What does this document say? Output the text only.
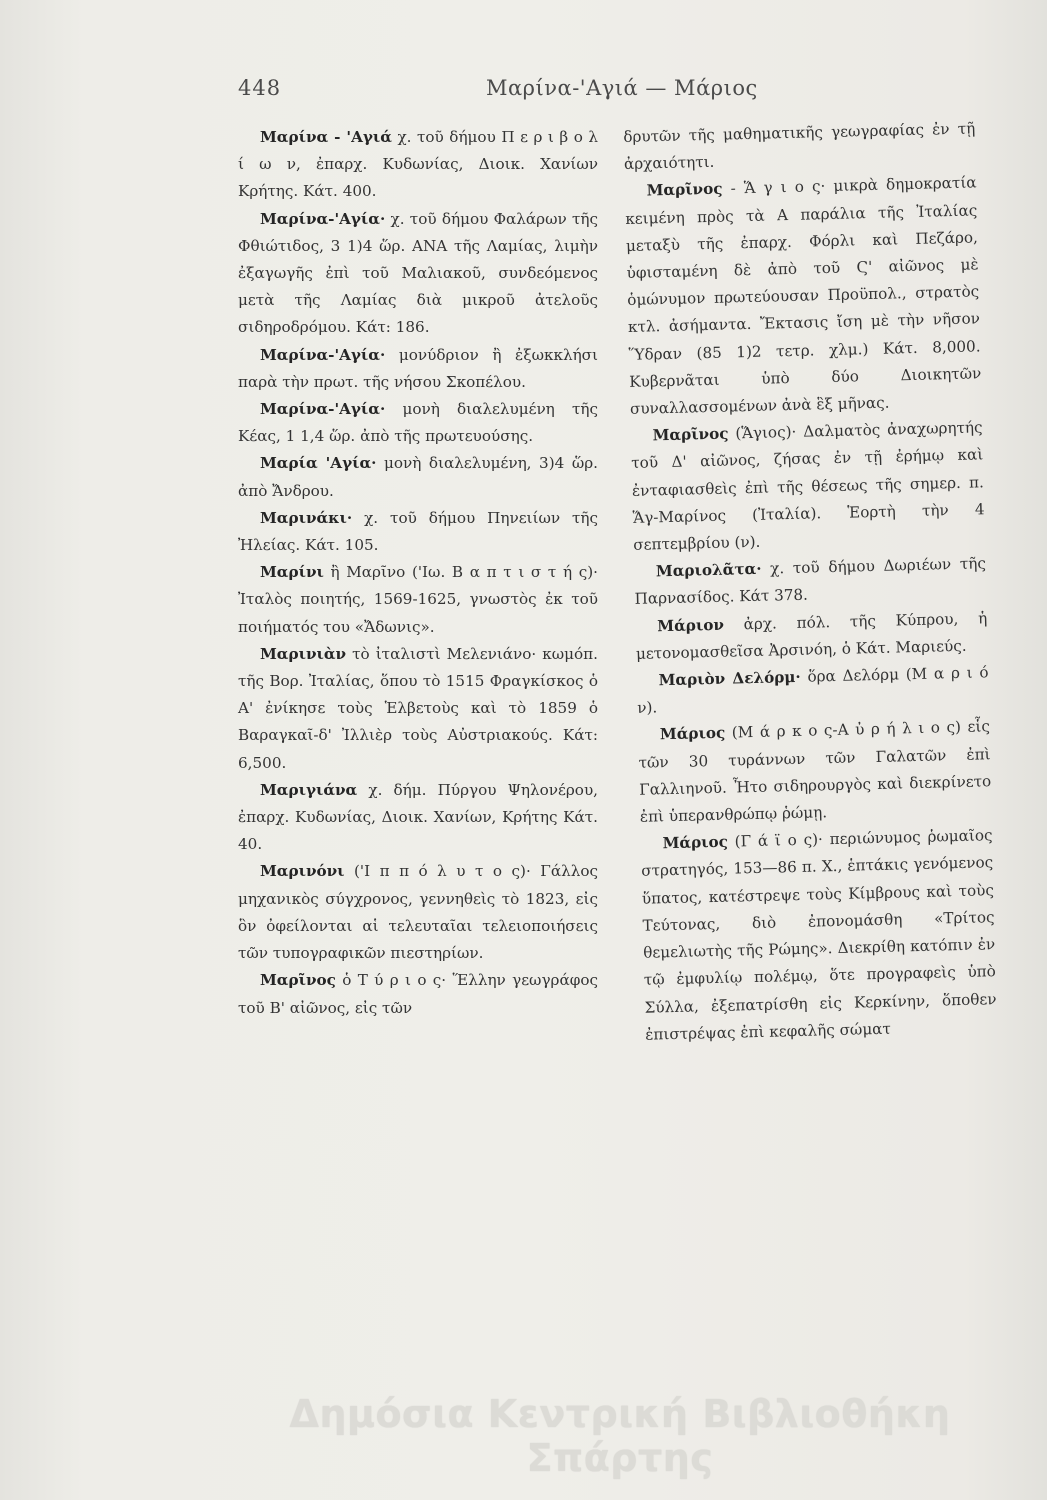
448	Μαρίνα-'Αγιά — Μάριος

Μαρίνα - 'Αγιά χ. τοῦ δήμου Π ε ρ ι β ο λ ί ω ν, ἐπαρχ. Κυδωνίας, Διοικ. Χανίων Κρήτης. Κάτ. 400.

Μαρίνα-'Αγία· χ. τοῦ δήμου Φαλάρων τῆς Φθιώτιδος, 3 1)4 ὥρ. ΑΝΑ τῆς Λαμίας, λιμὴν ἐξαγωγῆς ἐπὶ τοῦ Μαλιακοῦ, συνδεόμενος μετὰ τῆς Λαμίας διὰ μικροῦ ἀτελοῦς σιδηροδρόμου. Κάτ: 186.

Μαρίνα-'Αγία· μονύδριον ἢ ἐξωκκλήσι παρὰ τὴν πρωτ. τῆς νήσου Σκοπέλου.

Μαρίνα-'Αγία· μονὴ διαλελυμένη τῆς Κέας, 1 1,4 ὥρ. ἀπὸ τῆς πρωτευούσης.

Μαρία 'Αγία· μονὴ διαλελυμένη, 3)4 ὥρ. ἀπὸ Ἄνδρου.

Μαρινάκι· χ. τοῦ δήμου Πηνειίων τῆς Ἠλείας. Κάτ. 105.

Μαρίνι ἢ Μαρῖνο ('Ιω. Β α π τ ι σ τ ή ς)· Ἰταλὸς ποιητής, 1569-1625, γνωστὸς ἐκ τοῦ ποιήματός του «Ἄδωνις».

Μαρινιὰν τὸ ἰταλιστὶ Μελενιάνο· κωμόπ. τῆς Βορ. Ἰταλίας, ὅπου τὸ 1515 Φραγκίσκος ὁ Α' ἐνίκησε τοὺς Ἑλβετοὺς καὶ τὸ 1859 ὁ Βαραγκαῖ-δ' Ἰλλιὲρ τοὺς Αὐστριακούς. Κάτ: 6,500.

Μαριγιάνα χ. δήμ. Πύργου Ψηλονέρου, ἐπαρχ. Κυδωνίας, Διοικ. Χανίων, Κρήτης Κάτ. 40.

Μαρινόνι ('Ι π π ό λ υ τ ο ς)· Γάλλος μηχανικὸς σύγχρονος, γεννηθεὶς τὸ 1823, εἰς ὃν ὀφείλονται αἱ τελευταῖαι τελειοποιήσεις τῶν τυπογραφικῶν πιεστηρίων.

Μαρῖνος ὁ Τ ύ ρ ι ο ς· Ἕλλην γεωγράφος τοῦ Β' αἰῶνος, εἰς τῶν

δρυτῶν τῆς μαθηματικῆς γεωγραφίας ἐν τῇ ἀρχαιότητι.

Μαρῖνος - Ἅ γ ι ο ς· μικρὰ δημοκρατία κειμένη πρὸς τὰ Α παράλια τῆς Ἰταλίας μεταξὺ τῆς ἐπαρχ. Φόρλι καὶ Πεζάρο, ὑφισταμένη δὲ ἀπὸ τοῦ Ϛ' αἰῶνος μὲ ὁμώνυμον πρωτεύουσαν Προϋπολ., στρατὸς κτλ. ἀσήμαντα. Ἔκτασις ἴση μὲ τὴν νῆσον Ὕδραν (85 1)2 τετρ. χλμ.) Κάτ. 8,000. Κυβερνᾶται ὑπὸ δύο Διοικητῶν συναλλασσομένων ἀνὰ ἓξ μῆνας.

Μαρῖνος (Ἅγιος)· Δαλματὸς ἀναχωρητής τοῦ Δ' αἰῶνος, ζήσας ἐν τῇ ἐρήμῳ καὶ ἐνταφιασθεὶς ἐπὶ τῆς θέσεως τῆς σημερ. π. Ἅγ-Μαρίνος (Ἰταλία). Ἑορτὴ τὴν 4 σεπτεμβρίου (ν).

Μαριολᾶτα· χ. τοῦ δήμου Δωριέων τῆς Παρνασίδος. Κάτ 378.

Μάριον ἀρχ. πόλ. τῆς Κύπρου, ἡ μετονομασθεῖσα Ἀρσινόη, ὁ Κάτ. Μαριεύς.

Μαριὸν Δελόρμ· ὅρα Δελόρμ (Μ α ρ ι ό ν).

Μάριος (Μ ά ρ κ ο ς-Α ὐ ρ ή λ ι ο ς) εἷς τῶν 30 τυράννων τῶν Γαλατῶν ἐπὶ Γαλλιηνοῦ. Ἦτο σιδηρουργὸς καὶ διεκρίνετο ἐπὶ ὑπερανθρώπῳ ῥώμῃ.

Μάριος (Γ ά ϊ ο ς)· περιώνυμος ῥωμαῖος στρατηγός, 153—86 π. Χ., ἑπτάκις γενόμενος ὕπατος, κατέστρεψε τοὺς Κίμβρους καὶ τοὺς Τεύτονας, διὸ ἐπονομάσθη «Τρίτος θεμελιωτὴς τῆς Ρώμης». Διεκρίθη κατόπιν ἐν τῷ ἐμφυλίῳ πολέμῳ, ὅτε προγραφεὶς ὑπὸ Σύλλα, ἐξεπατρίσθη εἰς Κερκίνην, ὅποθεν ἐπιστρέψας ἐπὶ κεφαλῆς σώματ

Δημόσια Κεντρική Βιβλιοθήκη Σπάρτης
